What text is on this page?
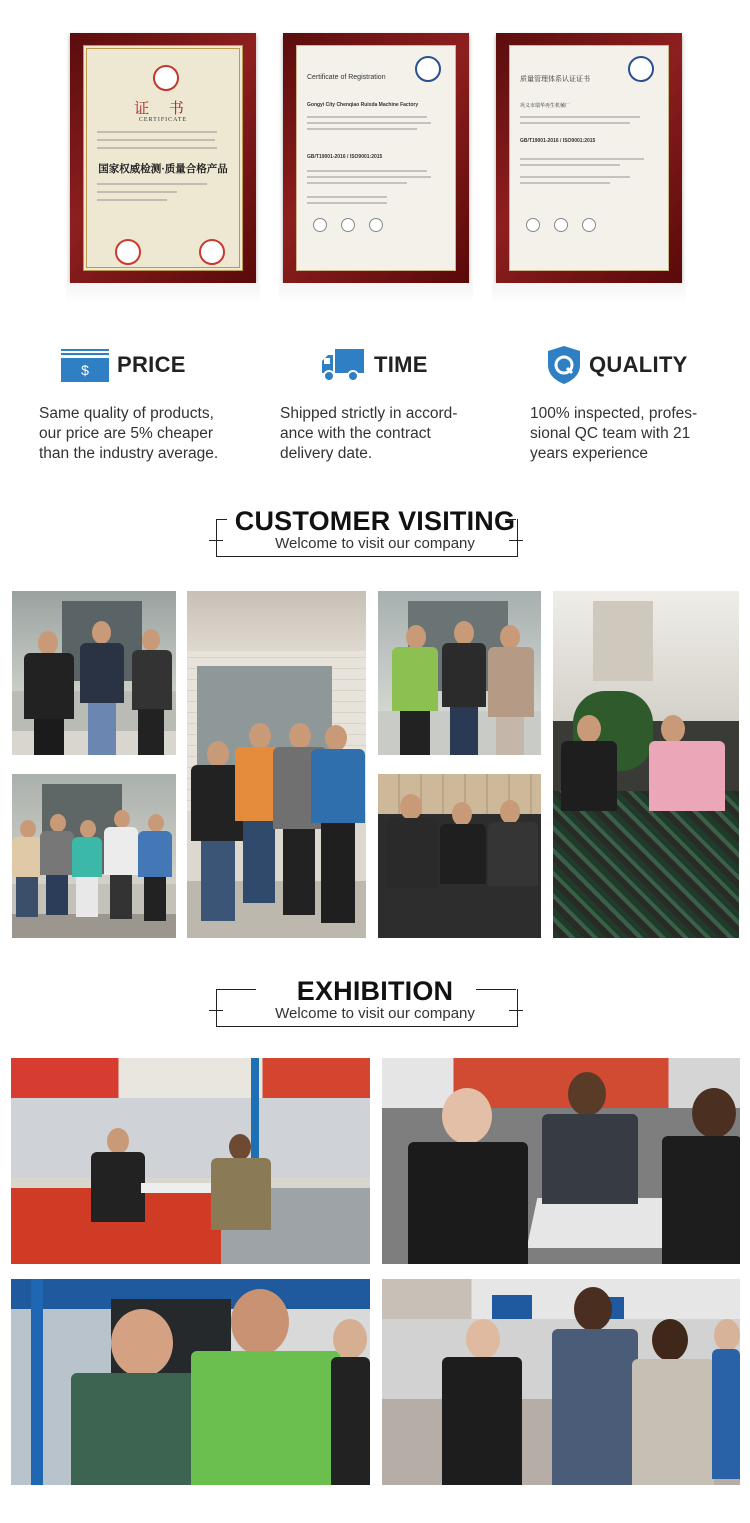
证 书
CERTIFICATE
国家权威检测·质量合格产品
Certificate of Registration
Gongyi City Chenqiao Ruixda Machine Factory
GB/T19001-2016 / ISO9001:2015
质量管理体系认证证书
巩义市瑞华再生机械厂
GB/T19001-2016 / ISO9001:2015
$	PRICE
Same quality of products,
our price are 5% cheaper
than the industry average.
TIME
Shipped strictly in accord-
ance with the contract
delivery date.
QUALITY
100% inspected, profes-
sional QC team with 21
years experience
CUSTOMER VISITING
Welcome to visit our company
EXHIBITION
Welcome to visit our company
